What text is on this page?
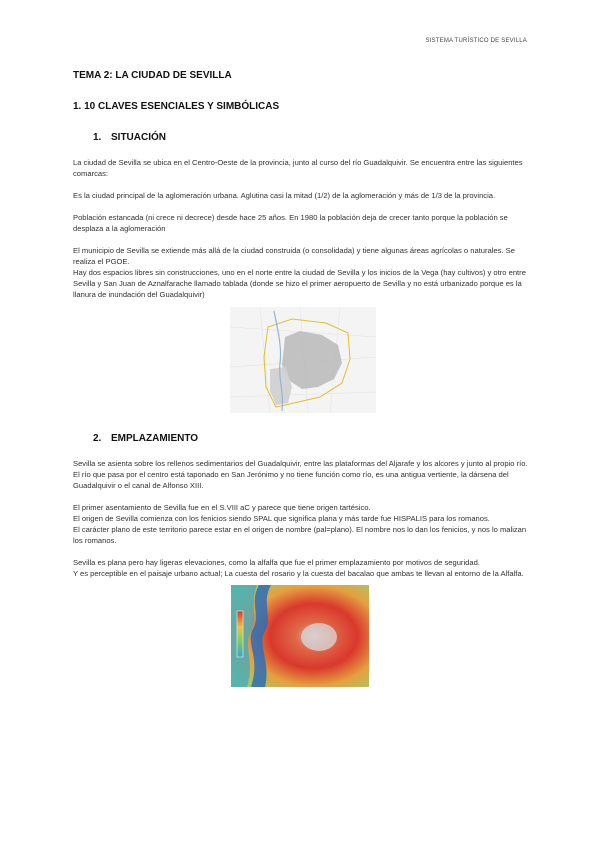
SISTEMA TURÍSTICO DE SEVILLA
TEMA 2: LA CIUDAD DE SEVILLA
1. 10 CLAVES ESENCIALES Y SIMBÓLICAS
1. SITUACIÓN

La ciudad de Sevilla se ubica en el Centro-Oeste de la provincia, junto al curso del río Guadalquivir. Se encuentra entre las siguientes comarcas:

Es la ciudad principal de la aglomeración urbana. Aglutina casi la mitad (1/2) de la aglomeración y más de 1/3 de la provincia.

Población estancada (ni crece ni decrece) desde hace 25 años. En 1980 la población deja de crecer tanto porque la población se desplaza a la aglomeración

El municipio de Sevilla se extiende más allá de la ciudad construida (o consolidada) y tiene algunas áreas agrícolas o naturales. Se realiza el PGOE.

Hay dos espacios libres sin construcciones, uno en el norte entre la ciudad de Sevilla y los inicios de la Vega (hay cultivos) y otro entre Sevilla y San Juan de Aznalfarache llamado tablada (donde se hizo el primer aeropuerto de Sevilla y no está urbanizado porque es la llanura de inundación del Guadalquivir)

2. EMPLAZAMIENTO

Sevilla se asienta sobre los rellenos sedimentarios del Guadalquivir, entre las plataformas del Aljarafe y los alcores y junto al propio río.

El río que pasa por el centro está taponado en San Jerónimo y no tiene función como río, es una antigua vertiente, la dársena del Guadalquivir o el canal de Alfonso XIII.

El primer asentamiento de Sevilla fue en el S.VIII aC y parece que tiene origen tartésico.

El origen de Sevilla comienza con los fenicios siendo SPAL que significa plana y más tarde fue HISPALIS para los romanos.

El carácter plano de este territorio parece estar en el origen de nombre (pal=plano). El nombre nos lo dan los fenicios, y nos lo malizan los romanos.

Sevilla es plana pero hay ligeras elevaciones, como la alfalfa que fue el primer emplazamiento por motivos de seguridad.

Y es perceptible en el paisaje urbano actual; La cuesta del rosario y la cuesta del bacalao que ambas te llevan al entorno de la Alfalfa.
